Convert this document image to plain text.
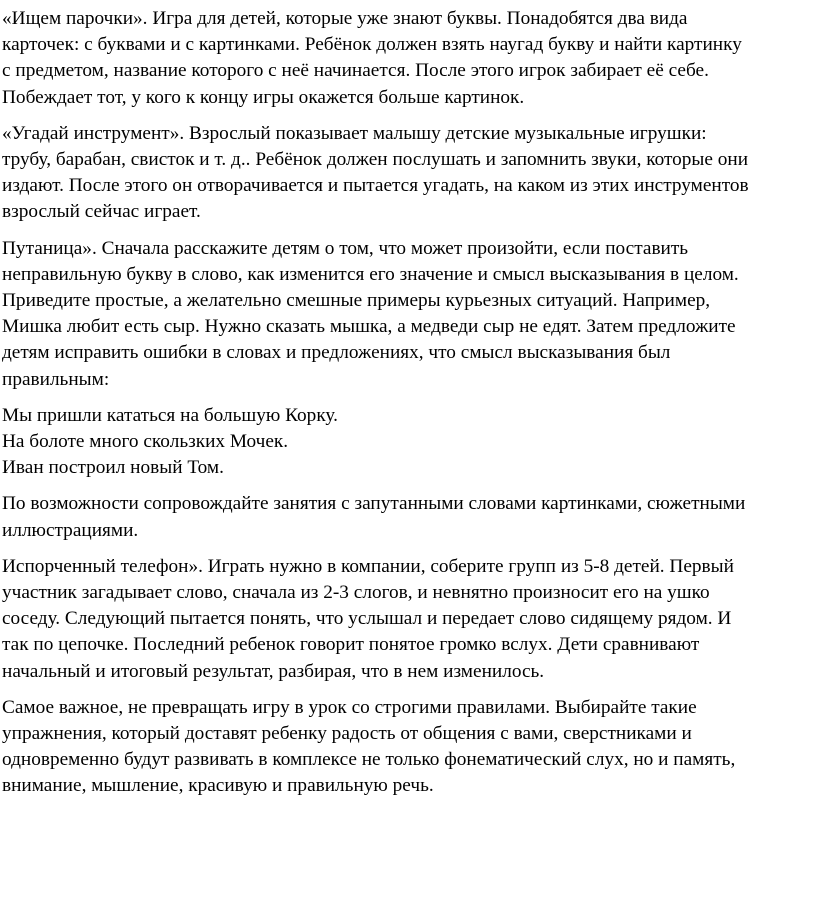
«Ищем парочки». Игра для детей, которые уже знают буквы. Понадобятся два вида
карточек: с буквами и с картинками. Ребёнок должен взять наугад букву и найти картинку
с предметом, название которого с неё начинается. После этого игрок забирает её себе.
Побеждает тот, у кого к концу игры окажется больше картинок.

«Угадай инструмент». Взрослый показывает малышу детские музыкальные игрушки:
трубу, барабан, свисток и т. д.. Ребёнок должен послушать и запомнить звуки, которые они
издают. После этого он отворачивается и пытается угадать, на каком из этих инструментов
взрослый сейчас играет.

Путаница». Сначала расскажите детям о том, что может произойти, если поставить
неправильную букву в слово, как изменится его значение и смысл высказывания в целом.
Приведите простые, а желательно смешные примеры курьезных ситуаций. Например,
Мишка любит есть сыр. Нужно сказать мышка, а медведи сыр не едят. Затем предложите
детям исправить ошибки в словах и предложениях, что смысл высказывания был
правильным:

Мы пришли кататься на большую Корку.
На болоте много скользких Мочек.
Иван построил новый Том.

По возможности сопровождайте занятия с запутанными словами картинками, сюжетными
иллюстрациями.

Испорченный телефон». Играть нужно в компании, соберите групп из 5-8 детей. Первый
участник загадывает слово, сначала из 2-3 слогов, и невнятно произносит его на ушко
соседу. Следующий пытается понять, что услышал и передает слово сидящему рядом. И
так по цепочке. Последний ребенок говорит понятое громко вслух. Дети сравнивают
начальный и итоговый результат, разбирая, что в нем изменилось.

Самое важное, не превращать игру в урок со строгими правилами. Выбирайте такие
упражнения, который доставят ребенку радость от общения с вами, сверстниками и
одновременно будут развивать в комплексе не только фонематический слух, но и память,
внимание, мышление, красивую и правильную речь.
